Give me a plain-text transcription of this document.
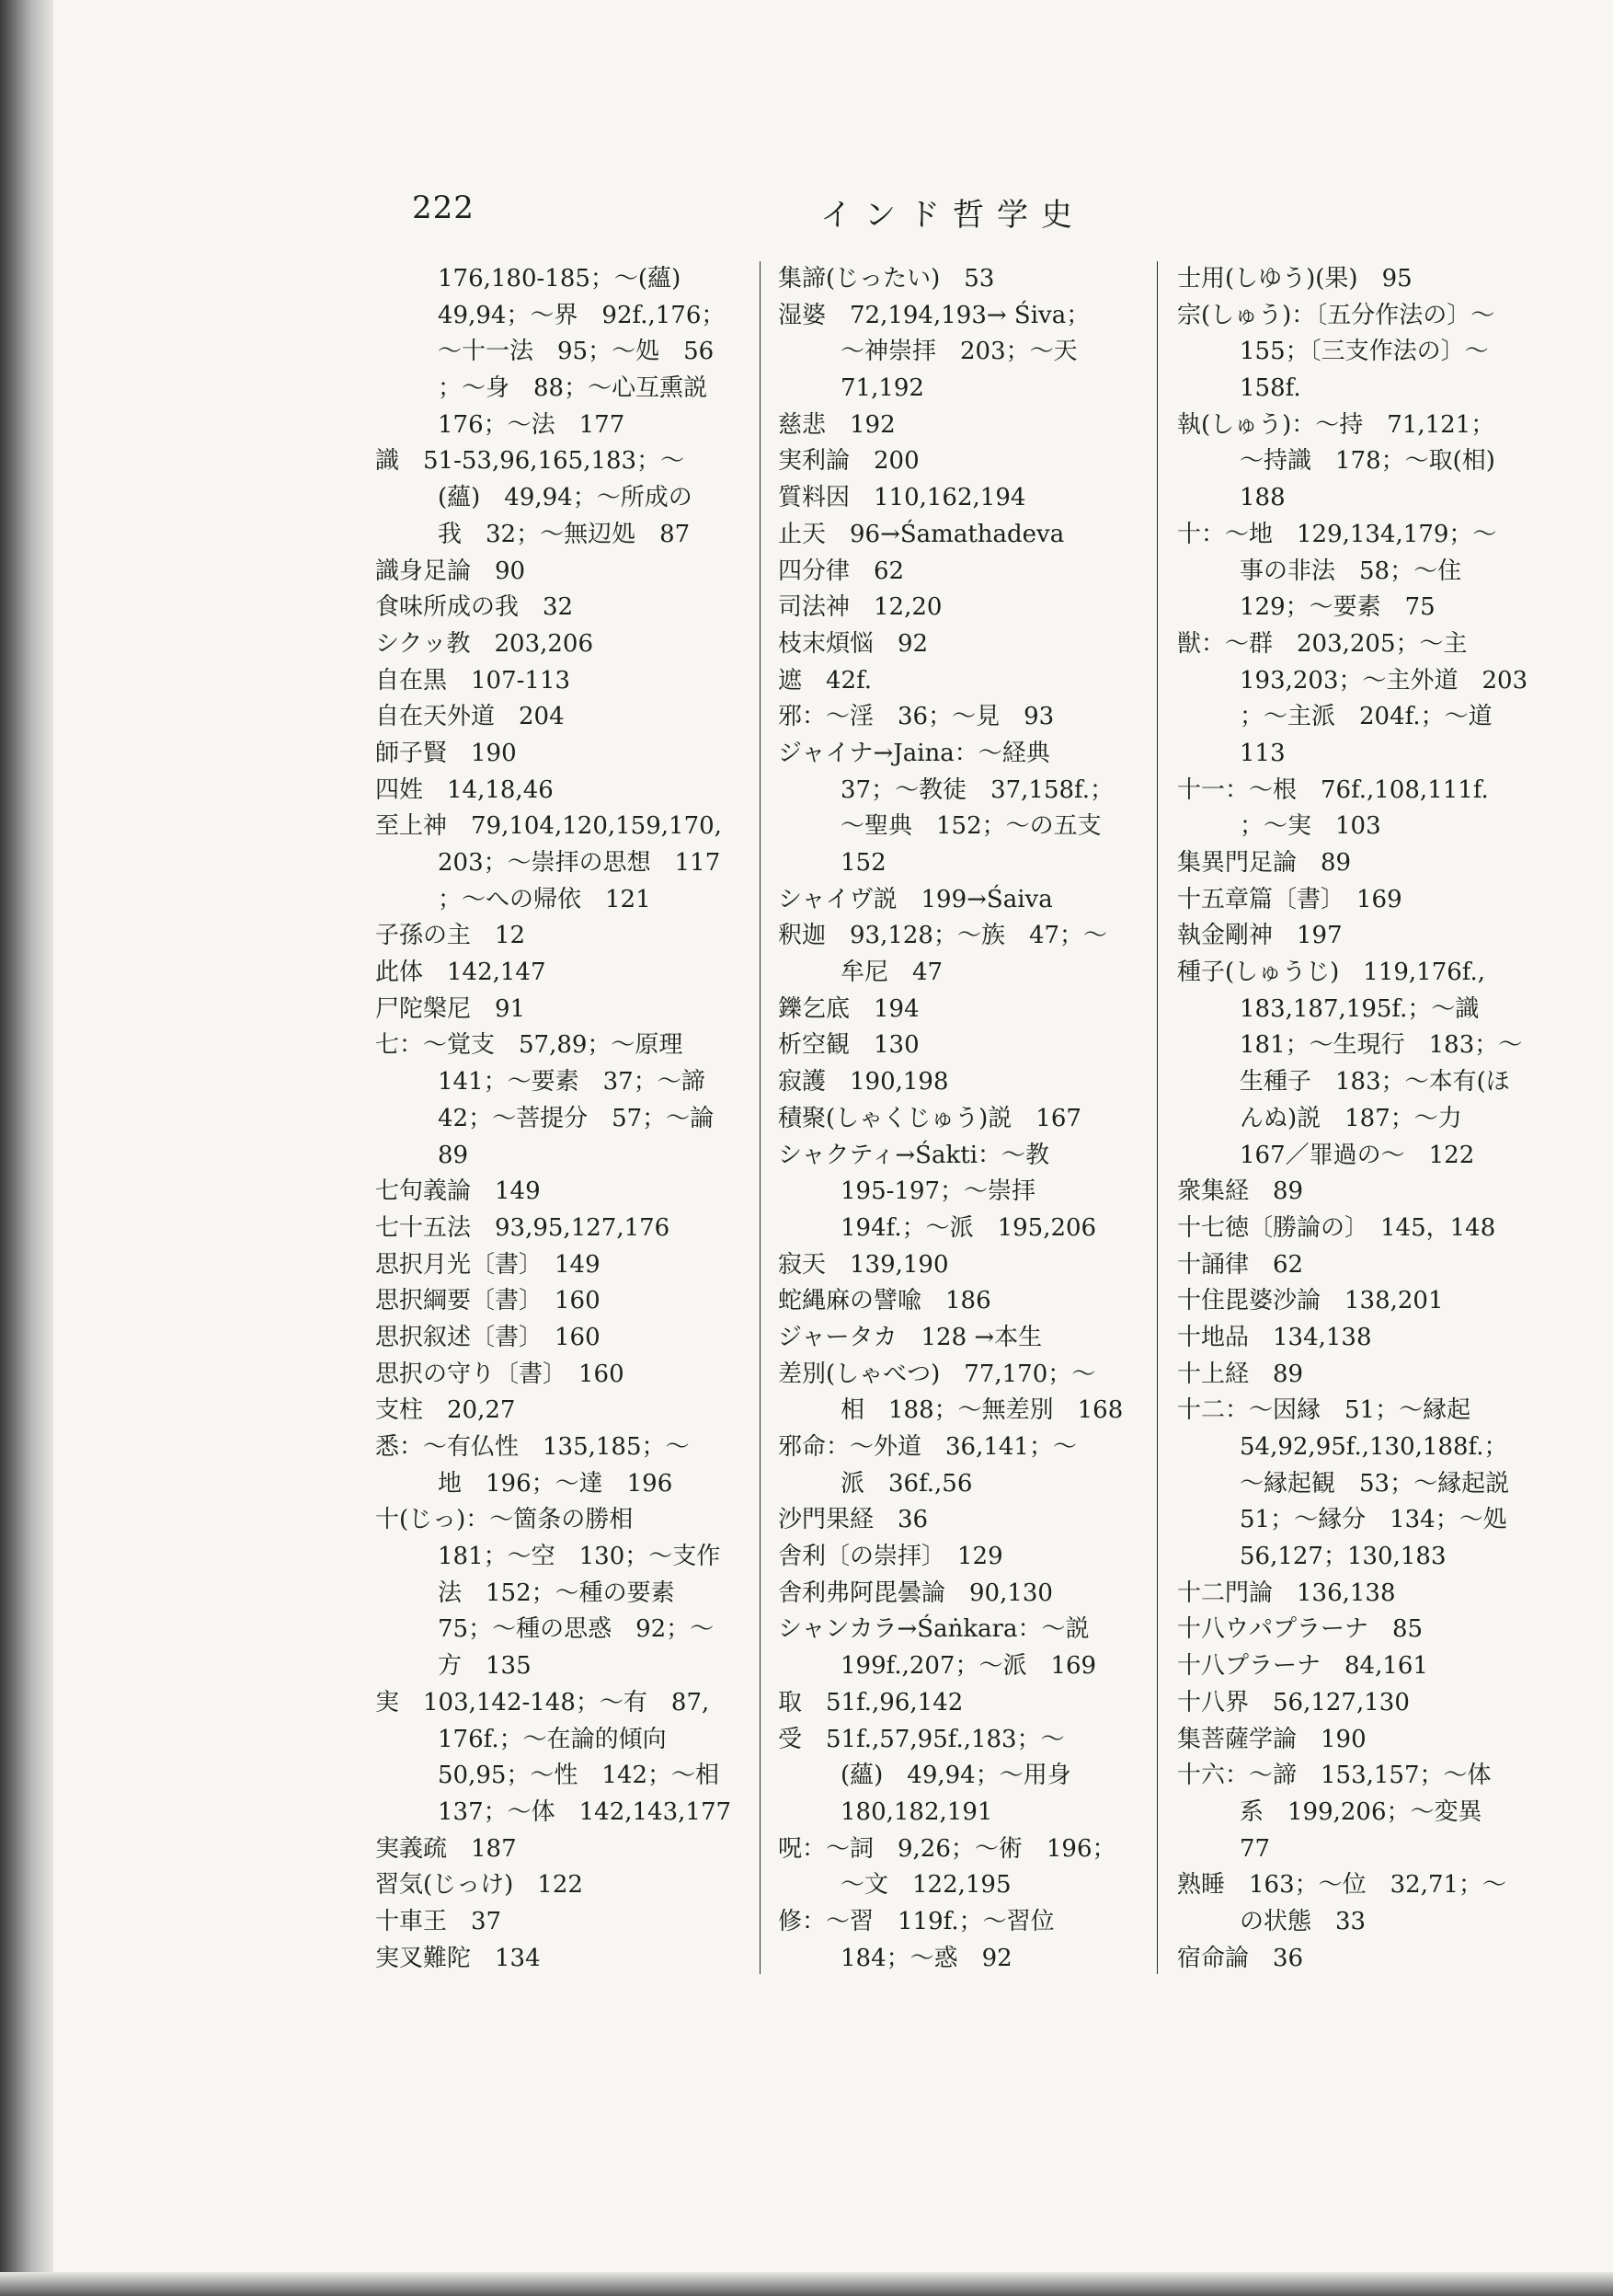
222	インド哲学史
176,180-185；～(蘊)
49,94；～界　92f.,176；
～十一法　95；～処　56
；～身　88；～心互熏説
176；～法　177
識　51-53,96,165,183；～
(蘊)　49,94；～所成の
我　32；～無辺処　87
識身足論　90
食味所成の我　32
シクッ教　203,206
自在黒　107-113
自在天外道　204
師子賢　190
四姓　14,18,46
至上神　79,104,120,159,170,
203；～崇拝の思想　117
；～への帰依　121
子孫の主　12
此体　142,147
尸陀槃尼　91
七：～覚支　57,89；～原理
141；～要素　37；～諦
42；～菩提分　57；～論
89
七句義論　149
七十五法　93,95,127,176
思択月光〔書〕　149
思択綱要〔書〕　160
思択叙述〔書〕　160
思択の守り〔書〕　160
支柱　20,27
悉：～有仏性　135,185；～
地　196；～達　196
十(じっ)：～箇条の勝相
181；～空　130；～支作
法　152；～種の要素
75；～種の思惑　92；～
方　135
実　103,142-148；～有　87,
176f.；～在論的傾向
50,95；～性　142；～相
137；～体　142,143,177
実義疏　187
習気(じっけ)　122
十車王　37
実叉難陀　134
集諦(じったい)　53
湿婆　72,194,193→ Śiva；
～神崇拝　203；～天
71,192
慈悲　192
実利論　200
質料因　110,162,194
止天　96→Śamathadeva
四分律　62
司法神　12,20
枝末煩悩　92
遮　42f.
邪：～淫　36；～見　93
ジャイナ→Jaina：～経典
37；～教徒　37,158f.；
～聖典　152；～の五支
152
シャイヴ説　199→Śaiva
釈迦　93,128；～族　47；～
牟尼　47
鑠乞底　194
析空観　130
寂護　190,198
積聚(しゃくじゅう)説　167
シャクティ→Śakti：～教
195-197；～崇拝
194f.；～派　195,206
寂天　139,190
蛇縄麻の譬喩　186
ジャータカ　128 →本生
差別(しゃべつ)　77,170；～
相　188；～無差別　168
邪命：～外道　36,141；～
派　36f.,56
沙門果経　36
舎利〔の崇拝〕　129
舎利弗阿毘曇論　90,130
シャンカラ→Śaṅkara：～説
199f.,207；～派　169
取　51f.,96,142
受　51f.,57,95f.,183；～
(蘊)　49,94；～用身
180,182,191
呪：～詞　9,26；～術　196；
～文　122,195
修：～習　119f.；～習位
184；～惑　92
士用(しゆう)(果)　95
宗(しゅう)：〔五分作法の〕～
155；〔三支作法の〕～
158f.
執(しゅう)：～持　71,121；
～持識　178；～取(相)
188
十：～地　129,134,179；～
事の非法　58；～住
129；～要素　75
獣：～群　203,205；～主
193,203；～主外道　203
；～主派　204f.；～道
113
十一：～根　76f.,108,111f.
；～実　103
集異門足論　89
十五章篇〔書〕　169
執金剛神　197
種子(しゅうじ)　119,176f.,
183,187,195f.；～識
181；～生現行　183；～
生種子　183；～本有(ほ
んぬ)説　187；～力
167／罪過の～　122
衆集経　89
十七徳〔勝論の〕　145，148
十誦律　62
十住毘婆沙論　138,201
十地品　134,138
十上経　89
十二：～因縁　51；～縁起
54,92,95f.,130,188f.；
～縁起観　53；～縁起説
51；～縁分　134；～処
56,127；130,183
十二門論　136,138
十八ウパプラーナ　85
十八プラーナ　84,161
十八界　56,127,130
集菩薩学論　190
十六：～諦　153,157；～体
系　199,206；～変異
77
熟睡　163；～位　32,71；～
の状態　33
宿命論　36
